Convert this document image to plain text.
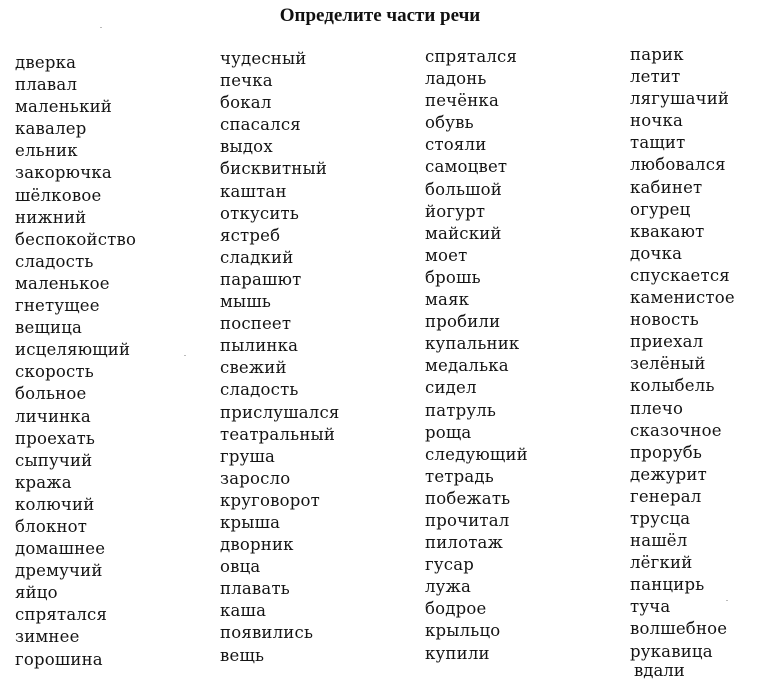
Определите части речи
дверка
плавал
маленький
кавалер
ельник
закорючка
шёлковое
нижний
беспокойство
сладость
маленькое
гнетущее
вещица
исцеляющий
скорость
больное
личинка
проехать
сыпучий
кража
колючий
блокнот
домашнее
дремучий
яйцо
спрятался
зимнее
горошина
чудесный
печка
бокал
спасался
выдох
бисквитный
каштан
откусить
ястреб
сладкий
парашют
мышь
поспеет
пылинка
свежий
сладость
прислушался
театральный
груша
заросло
круговорот
крыша
дворник
овца
плавать
каша
появились
вещь
спрятался
ладонь
печёнка
обувь
стояли
самоцвет
большой
йогурт
майский
моет
брошь
маяк
пробили
купальник
медалька
сидел
патруль
роща
следующий
тетрадь
побежать
прочитал
пилотаж
гусар
лужа
бодрое
крыльцо
купили
парик
летит
лягушачий
ночка
тащит
любовался
кабинет
огурец
квакают
дочка
спускается
каменистое
новость
приехал
зелёный
колыбель
плечо
сказочное
прорубь
дежурит
генерал
трусца
нашёл
лёгкий
панцирь
туча
волшебное
рукавица
вдали
